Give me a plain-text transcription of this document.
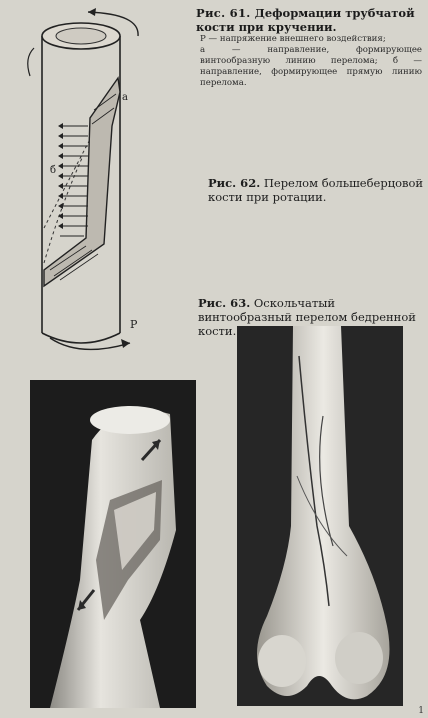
Рис. 61. Деформации трубчатой кости при кручении.
Р — напряжение внешнего воздействия;
а — направление, формирующее винтообразную линию перелома; б — направление, формирующее прямую линию перелома.
а
б
Р
Рис. 62. Перелом большеберцовой кости при ротации.
Рис. 63. Оскольчатый винтообразный перелом бедренной кости.
1
